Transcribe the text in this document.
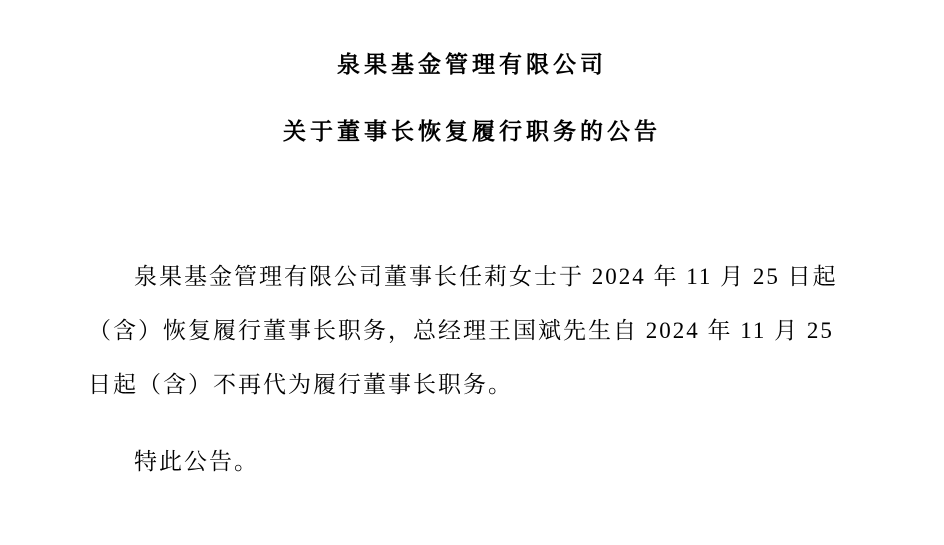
泉果基金管理有限公司
关于董事长恢复履行职务的公告
泉果基金管理有限公司董事长任莉女士于 2024 年 11 月 25 日起
（含）恢复履行董事长职务，总经理王国斌先生自 2024 年 11 月 25
日起（含）不再代为履行董事长职务。
特此公告。
